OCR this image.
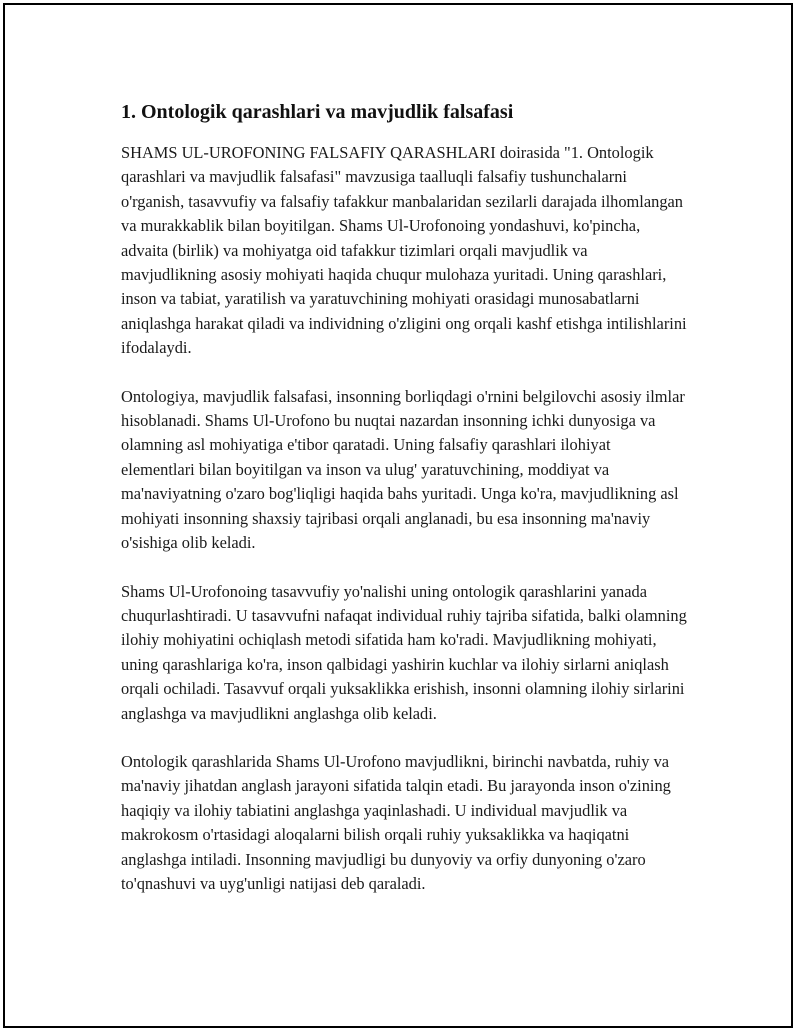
1. Ontologik qarashlari va mavjudlik falsafasi

SHAMS UL-UROFONING FALSAFIY QARASHLARI doirasida "1. Ontologik qarashlari va mavjudlik falsafasi" mavzusiga taalluqli falsafiy tushunchalarni o'rganish, tasavvufiy va falsafiy tafakkur manbalaridan sezilarli darajada ilhomlangan va murakkablik bilan boyitilgan. Shams Ul-Urofonoing yondashuvi, ko'pincha, advaita (birlik) va mohiyatga oid tafakkur tizimlari orqali mavjudlik va mavjudlikning asosiy mohiyati haqida chuqur mulohaza yuritadi. Uning qarashlari, inson va tabiat, yaratilish va yaratuvchining mohiyati orasidagi munosabatlarni aniqlashga harakat qiladi va individning o'zligini ong orqali kashf etishga intilishlarini ifodalaydi.

Ontologiya, mavjudlik falsafasi, insonning borliqdagi o'rnini belgilovchi asosiy ilmlar hisoblanadi. Shams Ul-Urofono bu nuqtai nazardan insonning ichki dunyosiga va olamning asl mohiyatiga e'tibor qaratadi. Uning falsafiy qarashlari ilohiyat elementlari bilan boyitilgan va inson va ulug' yaratuvchining, moddiyat va ma'naviyatning o'zaro bog'liqligi haqida bahs yuritadi. Unga ko'ra, mavjudlikning asl mohiyati insonning shaxsiy tajribasi orqali anglanadi, bu esa insonning ma'naviy o'sishiga olib keladi.

Shams Ul-Urofonoing tasavvufiy yo'nalishi uning ontologik qarashlarini yanada chuqurlashtiradi. U tasavvufni nafaqat individual ruhiy tajriba sifatida, balki olamning ilohiy mohiyatini ochiqlash metodi sifatida ham ko'radi. Mavjudlikning mohiyati, uning qarashlariga ko'ra, inson qalbidagi yashirin kuchlar va ilohiy sirlarni aniqlash orqali ochiladi. Tasavvuf orqali yuksaklikka erishish, insonni olamning ilohiy sirlarini anglashga va mavjudlikni anglashga olib keladi.

Ontologik qarashlarida Shams Ul-Urofono mavjudlikni, birinchi navbatda, ruhiy va ma'naviy jihatdan anglash jarayoni sifatida talqin etadi. Bu jarayonda inson o'zining haqiqiy va ilohiy tabiatini anglashga yaqinlashadi. U individual mavjudlik va makrokosm o'rtasidagi aloqalarni bilish orqali ruhiy yuksaklikka va haqiqatni anglashga intiladi. Insonning mavjudligi bu dunyoviy va orfiy dunyoning o'zaro to'qnashuvi va uyg'unligi natijasi deb qaraladi.
